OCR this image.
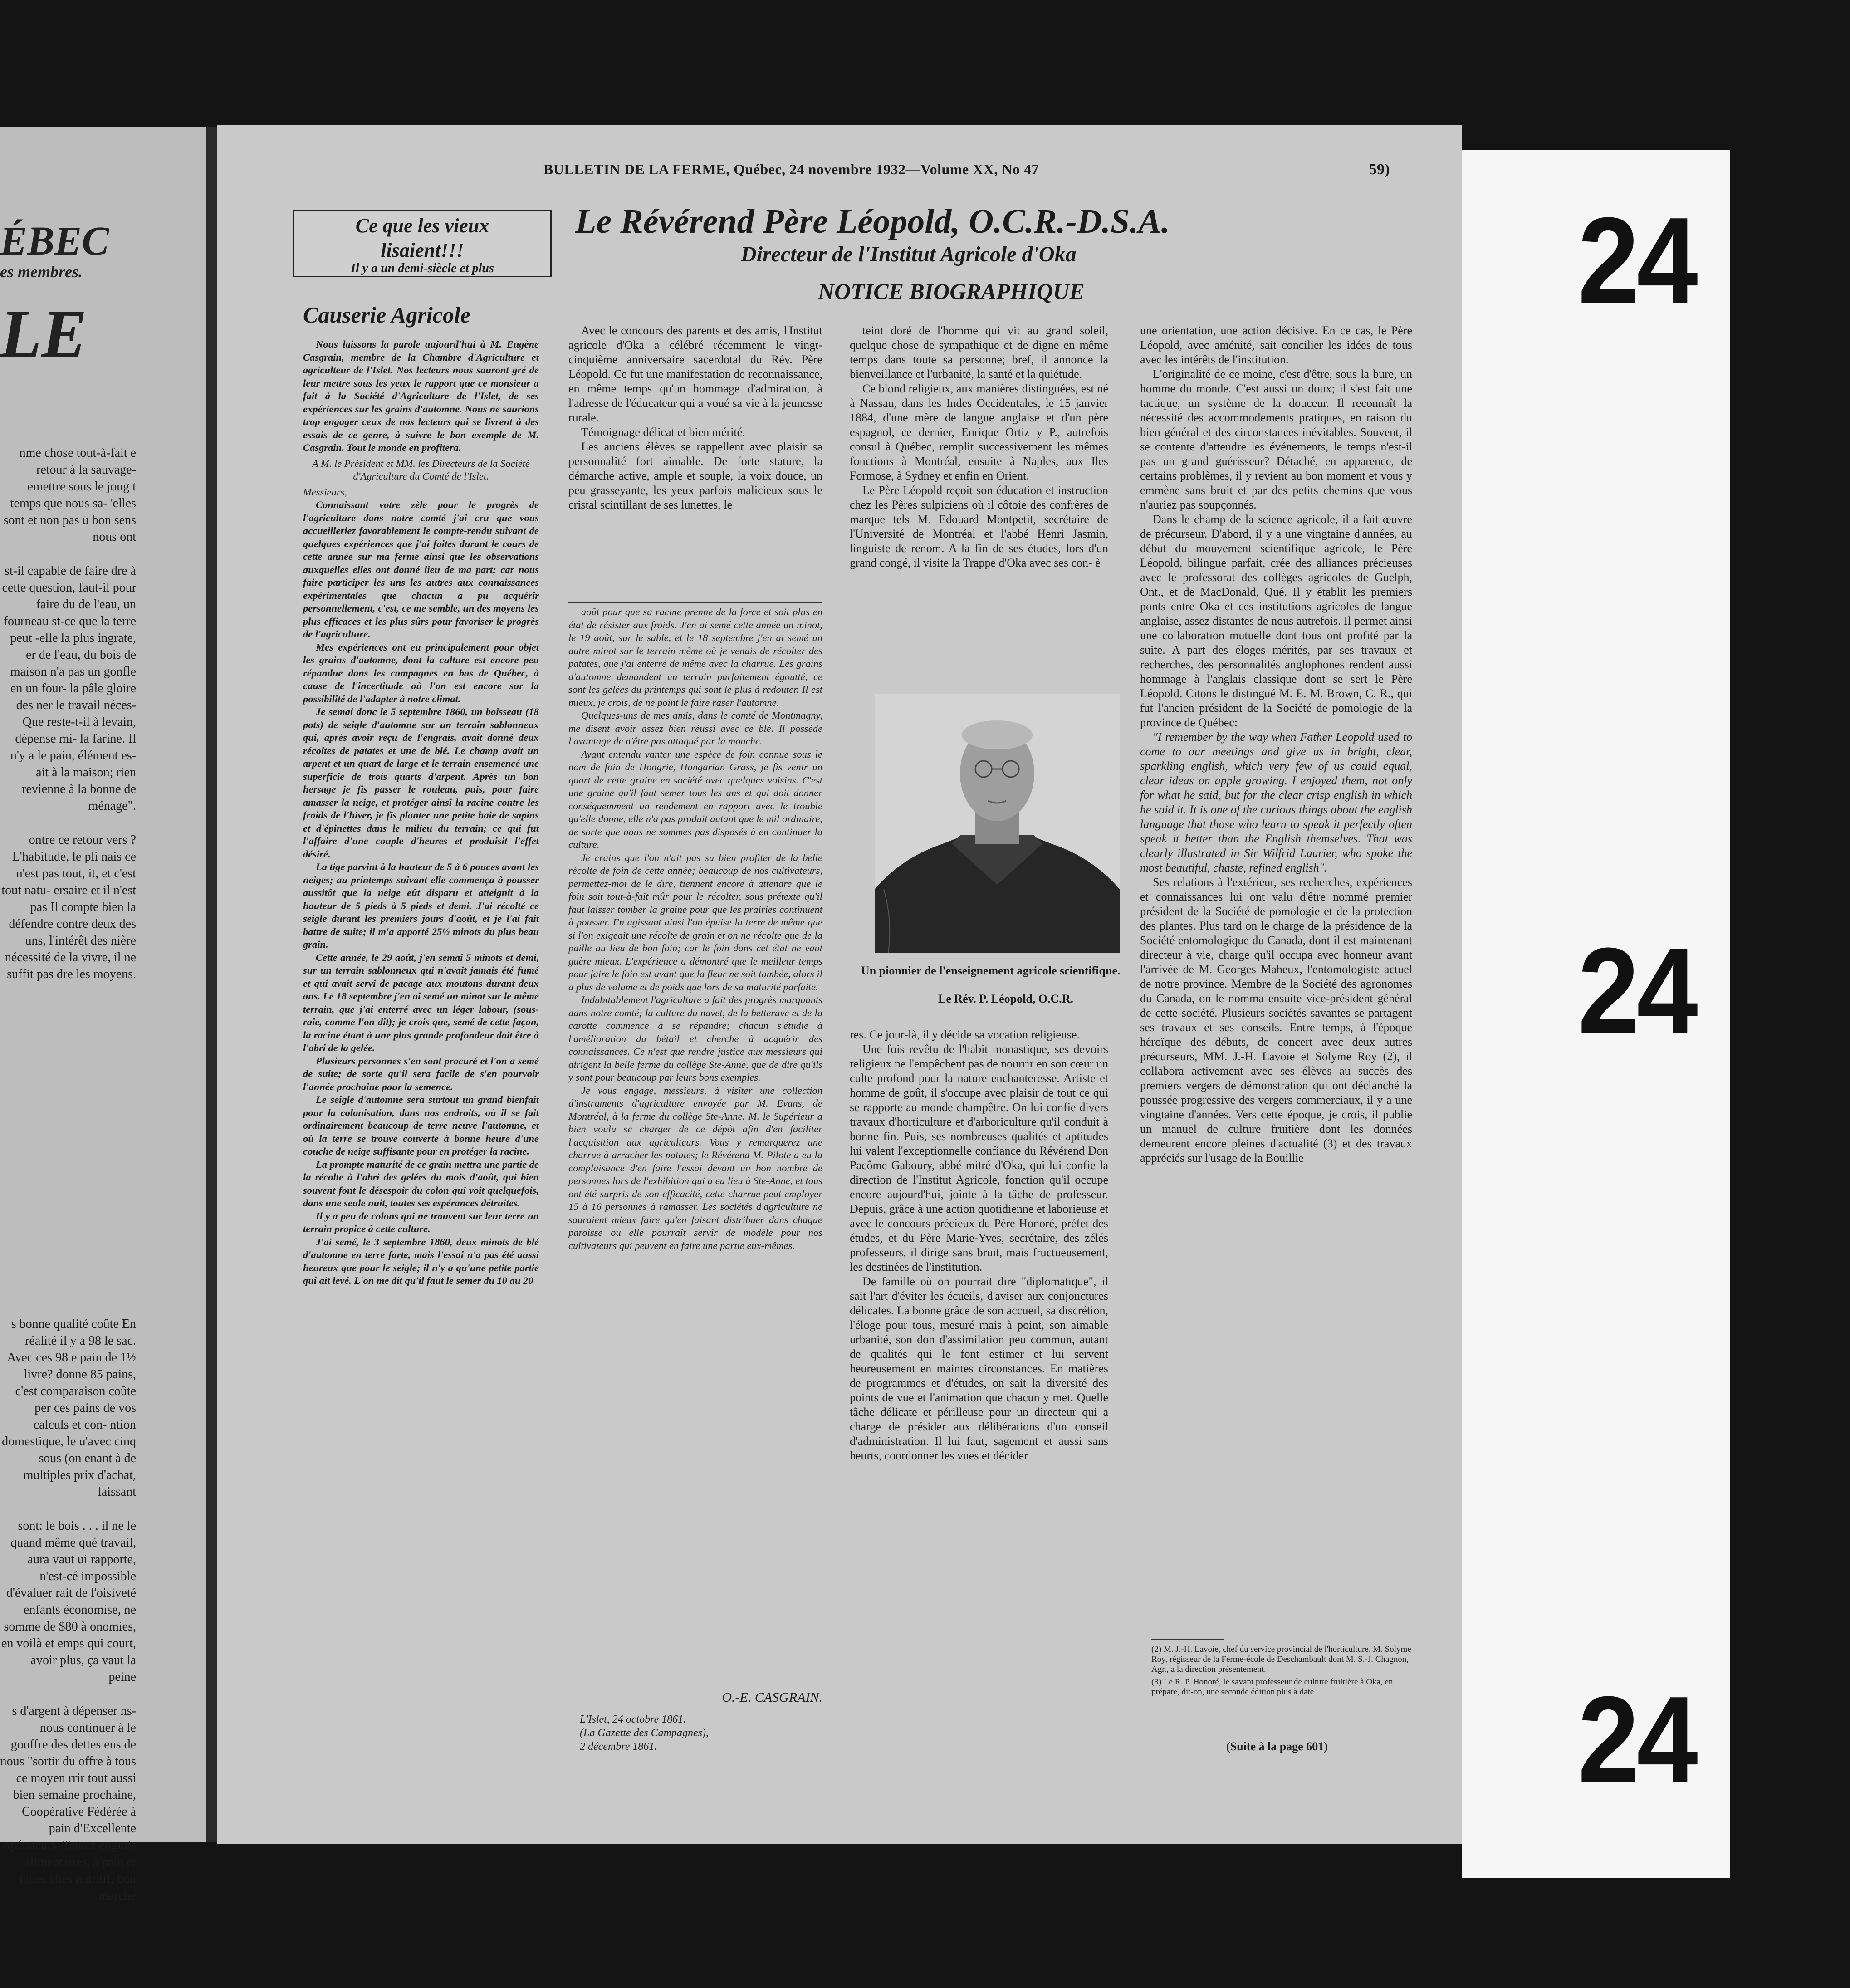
ÉBEC
es membres.
LE

nme chose tout-à-fait e retour à la sauvage- emettre sous le joug t temps que nous sa- 'elles sont et non pas u bon sens nous ont

st-il capable de faire dre à cette question, faut-il pour faire du de l'eau, un fourneau st-ce que la terre peut -elle la plus ingrate, er de l'eau, du bois de maison n'a pas un gonfle en un four- la pâle gloire des ner le travail néces- Que reste-t-il à levain, dépense mi- la farine. Il n'y a le pain, élément es- ait à la maison; rien revienne à la bonne de ménage".

ontre ce retour vers ? L'habitude, le pli nais ce n'est pas tout, it, et c'est tout natu- ersaire et il n'est pas Il compte bien la défendre contre deux des uns, l'intérêt des nière nécessité de la vivre, il ne suffit pas dre les moyens.

s bonne qualité coûte En réalité il y a 98 le sac. Avec ces 98 e pain de 1½ livre? donne 85 pains, c'est comparaison coûte per ces pains de vos calculs et con- ntion domestique, le u'avec cinq sous (on enant à de multiples prix d'achat, laissant

sont: le bois . . . il ne le quand même qué travail, aura vaut ui rapporte, n'est-cé impossible d'évaluer rait de l'oisiveté enfants économise, ne somme de $80 à onomies, en voilà et emps qui court, avoir plus, ça vaut la peine

s d'argent à dépenser ns-nous continuer à le gouffre des dettes ens de nous "sortir du offre à tous ce moyen rrir tout aussi bien semaine prochaine, Coopérative Fédérée à pain d'Excellente opérateurs. Tentez engrais alimentaires, à pain et faites chés nutritif, bon marché

BULLETIN DE LA FERME, Québec, 24 novembre 1932—Volume XX, No 47	59)
Ce que les vieux
lisaient!!!
Il y a un demi-siècle et plus
Causerie Agricole

Nous laissons la parole aujourd'hui à M. Eugène Casgrain, membre de la Chambre d'Agriculture et agriculteur de l'Islet. Nos lecteurs nous sauront gré de leur mettre sous les yeux le rapport que ce monsieur a fait à la Société d'Agriculture de l'Islet, de ses expériences sur les grains d'automne. Nous ne saurions trop engager ceux de nos lecteurs qui se livrent à des essais de ce genre, à suivre le bon exemple de M. Casgrain. Tout le monde en profitera.

A M. le Président et MM. les Directeurs de la Société d'Agriculture du Comté de l'Islet.

Messieurs,

Connaissant votre zèle pour le progrès de l'agriculture dans notre comté j'ai cru que vous accueilleriez favorablement le compte-rendu suivant de quelques expériences que j'ai faites durant le cours de cette année sur ma ferme ainsi que les observations auxquelles elles ont donné lieu de ma part; car nous faire participer les uns les autres aux connaissances expérimentales que chacun a pu acquérir personnellement, c'est, ce me semble, un des moyens les plus efficaces et les plus sûrs pour favoriser le progrès de l'agriculture.

Mes expériences ont eu principalement pour objet les grains d'automne, dont la culture est encore peu répandue dans les campagnes en bas de Québec, à cause de l'incertitude où l'on est encore sur la possibilité de l'adapter à notre climat.

Je semai donc le 5 septembre 1860, un boisseau (18 pots) de seigle d'automne sur un terrain sablonneux qui, après avoir reçu de l'engrais, avait donné deux récoltes de patates et une de blé. Le champ avait un arpent et un quart de large et le terrain ensemencé une superficie de trois quarts d'arpent. Après un bon hersage je fis passer le rouleau, puis, pour faire amasser la neige, et protéger ainsi la racine contre les froids de l'hiver, je fis planter une petite haie de sapins et d'épinettes dans le milieu du terrain; ce qui fut l'affaire d'une couple d'heures et produisit l'effet désiré.

La tige parvint à la hauteur de 5 à 6 pouces avant les neiges; au printemps suivant elle commença à pousser aussitôt que la neige eût disparu et atteignit à la hauteur de 5 pieds à 5 pieds et demi. J'ai récolté ce seigle durant les premiers jours d'août, et je l'ai fait battre de suite; il m'a apporté 25½ minots du plus beau grain.

Cette année, le 29 août, j'en semai 5 minots et demi, sur un terrain sablonneux qui n'avait jamais été fumé et qui avait servi de pacage aux moutons durant deux ans. Le 18 septembre j'en ai semé un minot sur le même terrain, que j'ai enterré avec un léger labour, (sous-raie, comme l'on dit); je crois que, semé de cette façon, la racine étant à une plus grande profondeur doit être à l'abri de la gelée.

Plusieurs personnes s'en sont procuré et l'on a semé de suite; de sorte qu'il sera facile de s'en pourvoir l'année prochaine pour la semence.

Le seigle d'automne sera surtout un grand bienfait pour la colonisation, dans nos endroits, où il se fait ordinairement beaucoup de terre neuve l'automne, et où la terre se trouve couverte à bonne heure d'une couche de neige suffisante pour en protéger la racine.

La prompte maturité de ce grain mettra une partie de la récolte à l'abri des gelées du mois d'août, qui bien souvent font le désespoir du colon qui voit quelquefois, dans une seule nuit, toutes ses espérances détruites.

Il y a peu de colons qui ne trouvent sur leur terre un terrain propice à cette culture.

J'ai semé, le 3 septembre 1860, deux minots de blé d'automne en terre forte, mais l'essai n'a pas été aussi heureux que pour le seigle; il n'y a qu'une petite partie qui ait levé. L'on me dit qu'il faut le semer du 10 au 20

Le Révérend Père Léopold, O.C.R.-D.S.A.
Directeur de l'Institut Agricole d'Oka
NOTICE BIOGRAPHIQUE

Avec le concours des parents et des amis, l'Institut agricole d'Oka a célébré récemment le vingt-cinquième anniversaire sacerdotal du Rév. Père Léopold. Ce fut une manifestation de reconnaissance, en même temps qu'un hommage d'admiration, à l'adresse de l'éducateur qui a voué sa vie à la jeunesse rurale.

Témoignage délicat et bien mérité.

Les anciens élèves se rappellent avec plaisir sa personnalité fort aimable. De forte stature, la démarche active, ample et souple, la voix douce, un peu grasseyante, les yeux parfois malicieux sous le cristal scintillant de ses lunettes, le

août pour que sa racine prenne de la force et soit plus en état de résister aux froids. J'en ai semé cette année un minot, le 19 août, sur le sable, et le 18 septembre j'en ai semé un autre minot sur le terrain même où je venais de récolter des patates, que j'ai enterré de même avec la charrue. Les grains d'automne demandent un terrain parfaitement égoutté, ce sont les gelées du printemps qui sont le plus à redouter. Il est mieux, je crois, de ne point le faire raser l'automne.

Quelques-uns de mes amis, dans le comté de Montmagny, me disent avoir assez bien réussi avec ce blé. Il possède l'avantage de n'être pas attaqué par la mouche.

Ayant entendu vanter une espèce de foin connue sous le nom de foin de Hongrie, Hungarian Grass, je fis venir un quart de cette graine en société avec quelques voisins. C'est une graine qu'il faut semer tous les ans et qui doit donner conséquemment un rendement en rapport avec le trouble qu'elle donne, elle n'a pas produit autant que le mil ordinaire, de sorte que nous ne sommes pas disposés à en continuer la culture.

Je crains que l'on n'ait pas su bien profiter de la belle récolte de foin de cette année; beaucoup de nos cultivateurs, permettez-moi de le dire, tiennent encore à attendre que le foin soit tout-à-fait mûr pour le récolter, sous prétexte qu'il faut laisser tomber la graine pour que les prairies continuent à pousser. En agissant ainsi l'on épuise la terre de même que si l'on exigeait une récolte de grain et on ne récolte que de la paille au lieu de bon foin; car le foin dans cet état ne vaut guère mieux. L'expérience a démontré que le meilleur temps pour faire le foin est avant que la fleur ne soit tombée, alors il a plus de volume et de poids que lors de sa maturité parfaite.

Indubitablement l'agriculture a fait des progrès marquants dans notre comté; la culture du navet, de la betterave et de la carotte commence à se répandre; chacun s'étudie à l'amélioration du bétail et cherche à acquérir des connaissances. Ce n'est que rendre justice aux messieurs qui dirigent la belle ferme du collège Ste-Anne, que de dire qu'ils y sont pour beaucoup par leurs bons exemples.

Je vous engage, messieurs, à visiter une collection d'instruments d'agriculture envoyée par M. Evans, de Montréal, à la ferme du collège Ste-Anne. M. le Supérieur a bien voulu se charger de ce dépôt afin d'en faciliter l'acquisition aux agriculteurs. Vous y remarquerez une charrue à arracher les patates; le Révérend M. Pilote a eu la complaisance d'en faire l'essai devant un bon nombre de personnes lors de l'exhibition qui a eu lieu à Ste-Anne, et tous ont été surpris de son efficacité, cette charrue peut employer 15 à 16 personnes à ramasser. Les sociétés d'agriculture ne sauraient mieux faire qu'en faisant distribuer dans chaque paroisse ou elle pourrait servir de modèle pour nos cultivateurs qui peuvent en faire une partie eux-mêmes.

O.-E. CASGRAIN.
L'Islet, 24 octobre 1861.
(La Gazette des Campagnes),
2 décembre 1861.

teint doré de l'homme qui vit au grand soleil, quelque chose de sympathique et de digne en même temps dans toute sa personne; bref, il annonce la bienveillance et l'urbanité, la santé et la quiétude.

Ce blond religieux, aux manières distinguées, est né à Nassau, dans les Indes Occidentales, le 15 janvier 1884, d'une mère de langue anglaise et d'un père espagnol, ce dernier, Enrique Ortiz y P., autrefois consul à Québec, remplit successivement les mêmes fonctions à Montréal, ensuite à Naples, aux Iles Formose, à Sydney et enfin en Orient.

Le Père Léopold reçoit son éducation et instruction chez les Pères sulpiciens où il côtoie des confrères de marque tels M. Edouard Montpetit, secrétaire de l'Université de Montréal et l'abbé Henri Jasmin, linguiste de renom. A la fin de ses études, lors d'un grand congé, il visite la Trappe d'Oka avec ses con- è

Un pionnier de l'enseignement agricole scientifique.
Le Rév. P. Léopold, O.C.R.

res. Ce jour-là, il y décide sa vocation religieuse.

Une fois revêtu de l'habit monastique, ses devoirs religieux ne l'empêchent pas de nourrir en son cœur un culte profond pour la nature enchanteresse. Artiste et homme de goût, il s'occupe avec plaisir de tout ce qui se rapporte au monde champêtre. On lui confie divers travaux d'horticulture et d'arboriculture qu'il conduit à bonne fin. Puis, ses nombreuses qualités et aptitudes lui valent l'exceptionnelle confiance du Révérend Don Pacôme Gaboury, abbé mitré d'Oka, qui lui confie la direction de l'Institut Agricole, fonction qu'il occupe encore aujourd'hui, jointe à la tâche de professeur. Depuis, grâce à une action quotidienne et laborieuse et avec le concours précieux du Père Honoré, préfet des études, et du Père Marie-Yves, secrétaire, des zélés professeurs, il dirige sans bruit, mais fructueusement, les destinées de l'institution.

De famille où on pourrait dire "diplomatique", il sait l'art d'éviter les écueils, d'aviser aux conjonctures délicates. La bonne grâce de son accueil, sa discrétion, l'éloge pour tous, mesuré mais à point, son aimable urbanité, son don d'assimilation peu commun, autant de qualités qui le font estimer et lui servent heureusement en maintes circonstances. En matières de programmes et d'études, on sait la diversité des points de vue et l'animation que chacun y met. Quelle tâche délicate et périlleuse pour un directeur qui a charge de présider aux délibérations d'un conseil d'administration. Il lui faut, sagement et aussi sans heurts, coordonner les vues et décider

une orientation, une action décisive. En ce cas, le Père Léopold, avec aménité, sait concilier les idées de tous avec les intérêts de l'institution.

L'originalité de ce moine, c'est d'être, sous la bure, un homme du monde. C'est aussi un doux; il s'est fait une tactique, un système de la douceur. Il reconnaît la nécessité des accommodements pratiques, en raison du bien général et des circonstances inévitables. Souvent, il se contente d'attendre les événements, le temps n'est-il pas un grand guérisseur? Détaché, en apparence, de certains problèmes, il y revient au bon moment et vous y emmène sans bruit et par des petits chemins que vous n'auriez pas soupçonnés.

Dans le champ de la science agricole, il a fait œuvre de précurseur. D'abord, il y a une vingtaine d'années, au début du mouvement scientifique agricole, le Père Léopold, bilingue parfait, crée des alliances précieuses avec le professorat des collèges agricoles de Guelph, Ont., et de MacDonald, Qué. Il y établit les premiers ponts entre Oka et ces institutions agricoles de langue anglaise, assez distantes de nous autrefois. Il permet ainsi une collaboration mutuelle dont tous ont profité par la suite. A part des éloges mérités, par ses travaux et recherches, des personnalités anglophones rendent aussi hommage à l'anglais classique dont se sert le Père Léopold. Citons le distingué M. E. M. Brown, C. R., qui fut l'ancien président de la Société de pomologie de la province de Québec:

"I remember by the way when Father Leopold used to come to our meetings and give us in bright, clear, sparkling english, which very few of us could equal, clear ideas on apple growing. I enjoyed them, not only for what he said, but for the clear crisp english in which he said it. It is one of the curious things about the english language that those who learn to speak it perfectly often speak it better than the English themselves. That was clearly illustrated in Sir Wilfrid Laurier, who spoke the most beautiful, chaste, refined english".

Ses relations à l'extérieur, ses recherches, expériences et connaissances lui ont valu d'être nommé premier président de la Société de pomologie et de la protection des plantes. Plus tard on le charge de la présidence de la Société entomologique du Canada, dont il est maintenant directeur à vie, charge qu'il occupa avec honneur avant l'arrivée de M. Georges Maheux, l'entomologiste actuel de notre province. Membre de la Société des agronomes du Canada, on le nomma ensuite vice-président général de cette société. Plusieurs sociétés savantes se partagent ses travaux et ses conseils. Entre temps, à l'époque héroïque des débuts, de concert avec deux autres précurseurs, MM. J.-H. Lavoie et Solyme Roy (2), il collabora activement avec ses élèves au succès des premiers vergers de démonstration qui ont déclanché la poussée progressive des vergers commerciaux, il y a une vingtaine d'années. Vers cette époque, je crois, il publie un manuel de culture fruitière dont les données demeurent encore pleines d'actualité (3) et des travaux appréciés sur l'usage de la Bouillie

(2) M. J.-H. Lavoie, chef du service provincial de l'horticulture. M. Solyme Roy, régisseur de la Ferme-école de Deschambault dont M. S.-J. Chagnon, Agr., a la direction présentement.
(3) Le R. P. Honoré, le savant professeur de culture fruitière à Oka, en prépare, dit-on, une seconde édition plus à date.
(Suite à la page 601)
24
24
24
